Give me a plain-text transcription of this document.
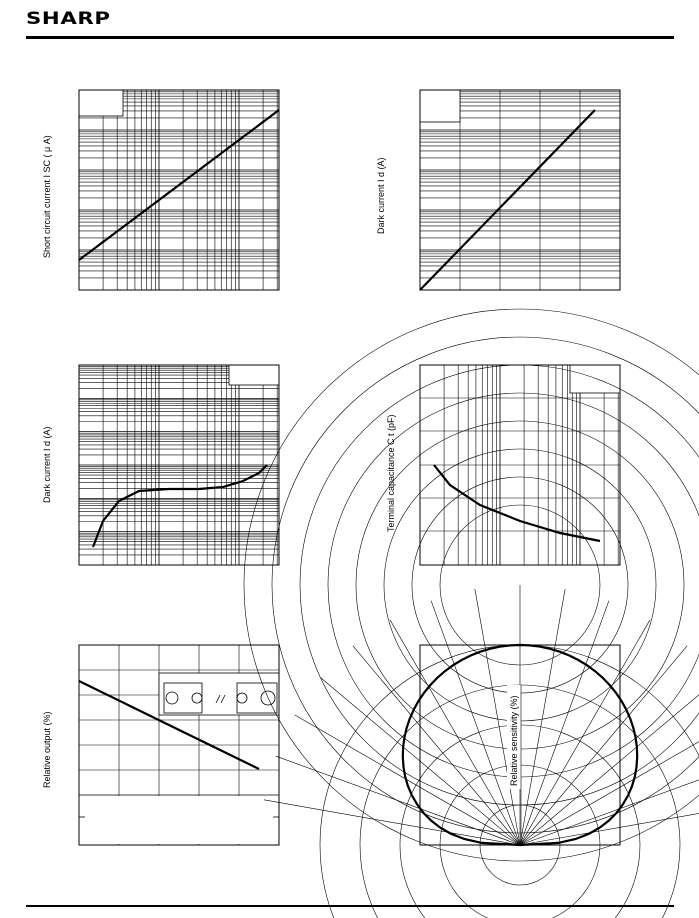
SHARP
Short circuit current I SC ( μ A)	Dark current I d (A)
Dark current I d (A)	Terminal capacitance C t (pF)
Relative output (%)	Relative sensitivity (%)
